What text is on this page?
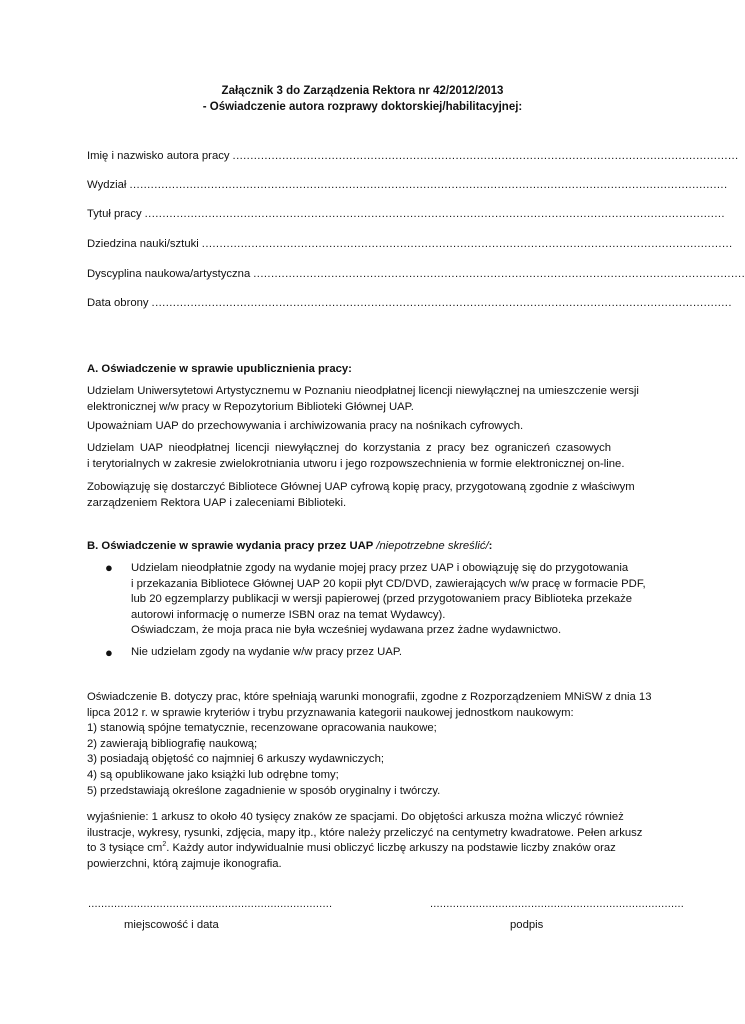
Załącznik 3 do Zarządzenia Rektora nr 42/2012/2013
- Oświadczenie autora rozprawy doktorskiej/habilitacyjnej:
Imię i nazwisko autora pracy ...............................................................................................................................................
Wydział .........................................................................................................................................................................
Tytuł pracy ....................................................................................................................................................................
Dziedzina nauki/sztuki ......................................................................................................................................................
Dyscyplina naukowa/artystyczna ...........................................................................................................................................
Data obrony ....................................................................................................................................................................
A. Oświadczenie w sprawie upublicznienia pracy:
Udzielam Uniwersytetowi Artystycznemu w Poznaniu nieodpłatnej licencji niewyłącznej na umieszczenie wersji
elektronicznej w/w pracy w Repozytorium Biblioteki Głównej UAP.
Upoważniam UAP do przechowywania i archiwizowania pracy na nośnikach cyfrowych.
Udzielam UAP nieodpłatnej licencji niewyłącznej do korzystania z pracy bez ograniczeń czasowych
i terytorialnych w zakresie zwielokrotniania utworu i jego rozpowszechnienia w formie elektronicznej on-line.
Zobowiązuję się dostarczyć Bibliotece Głównej UAP cyfrową kopię pracy, przygotowaną zgodnie z właściwym
zarządzeniem Rektora UAP i zaleceniami Biblioteki.
B. Oświadczenie w sprawie wydania pracy przez UAP /niepotrzebne skreślić/:
● Udzielam nieodpłatnie zgody na wydanie mojej pracy przez UAP i obowiązuję się do przygotowania
i przekazania Bibliotece Głównej UAP 20 kopii płyt CD/DVD, zawierających w/w pracę w formacie PDF,
lub 20 egzemplarzy publikacji w wersji papierowej (przed przygotowaniem pracy Biblioteka przekaże
autorowi informację o numerze ISBN oraz na temat Wydawcy).
Oświadczam, że moja praca nie była wcześniej wydawana przez żadne wydawnictwo.
● Nie udzielam zgody na wydanie w/w pracy przez UAP.
Oświadczenie B. dotyczy prac, które spełniają warunki monografii, zgodne z Rozporządzeniem MNiSW z dnia 13
lipca 2012 r. w sprawie kryteriów i trybu przyznawania kategorii naukowej jednostkom naukowym:
1) stanowią spójne tematycznie, recenzowane opracowania naukowe;
2) zawierają bibliografię naukową;
3) posiadają objętość co najmniej 6 arkuszy wydawniczych;
4) są opublikowane jako książki lub odrębne tomy;
5) przedstawiają określone zagadnienie w sposób oryginalny i twórczy.
wyjaśnienie: 1 arkusz to około 40 tysięcy znaków ze spacjami. Do objętości arkusza można wliczyć również
ilustracje, wykresy, rysunki, zdjęcia, mapy itp., które należy przeliczyć na centymetry kwadratowe. Pełen arkusz
to 3 tysiące $cm^2$. Każdy autor indywidualnie musi obliczyć liczbę arkuszy na podstawie liczby znaków oraz
powierzchni, którą zajmuje ikonografia.
...........................................................................	..............................................................................
miejscowość i data	podpis
